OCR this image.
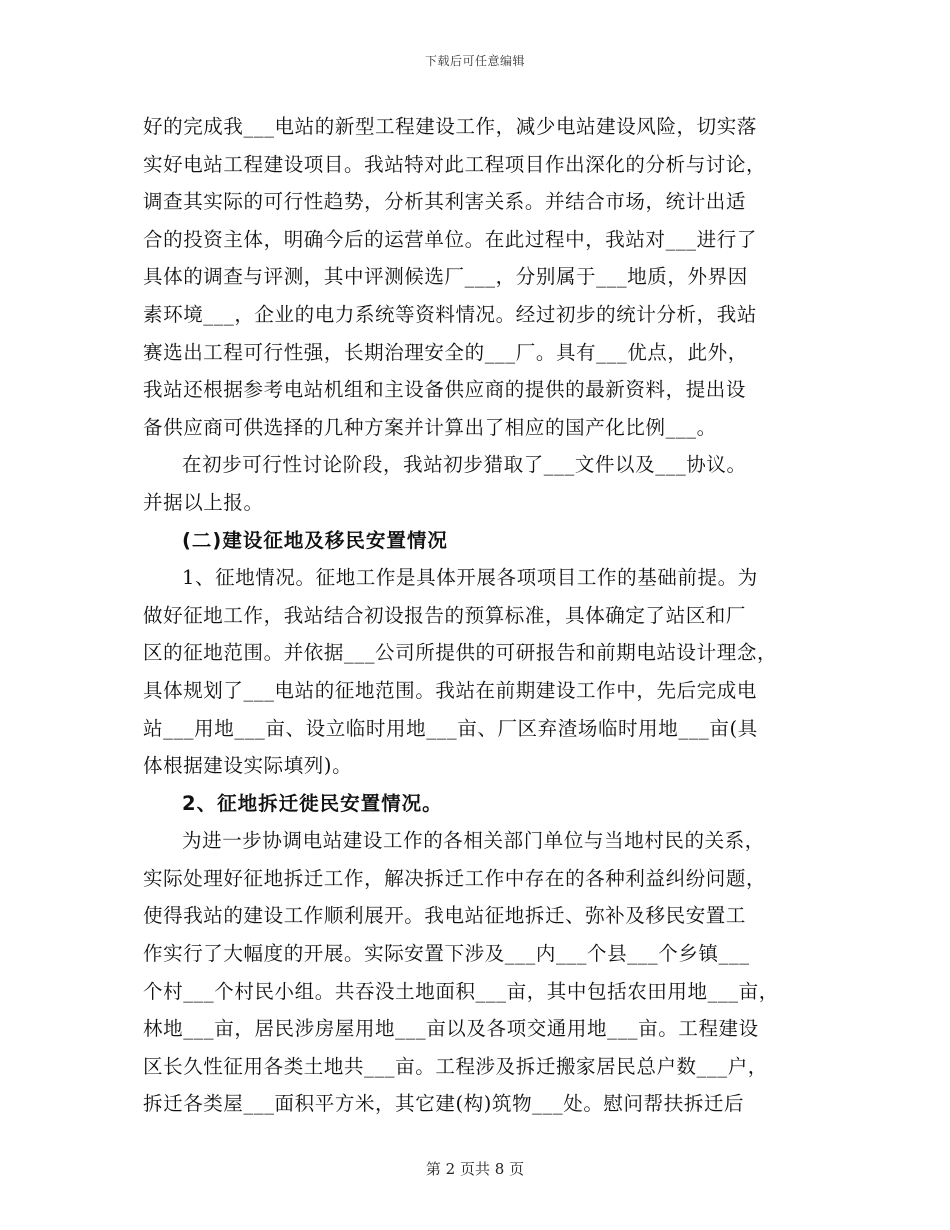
下载后可任意编辑
好的完成我___电站的新型工程建设工作，减少电站建设风险，切实落
实好电站工程建设项目。我站特对此工程项目作出深化的分析与讨论，
调查其实际的可行性趋势，分析其利害关系。并结合市场，统计出适
合的投资主体，明确今后的运营单位。在此过程中，我站对___进行了
具体的调查与评测，其中评测候选厂___，分别属于___地质，外界因
素环境___，企业的电力系统等资料情况。经过初步的统计分析，我站
赛选出工程可行性强，长期治理安全的___厂。具有___优点，此外，
我站还根据参考电站机组和主设备供应商的提供的最新资料，提出设
备供应商可供选择的几种方案并计算出了相应的国产化比例___。
在初步可行性讨论阶段，我站初步猎取了___文件以及___协议。
并据以上报。
(二)建设征地及移民安置情况
1、征地情况。征地工作是具体开展各项项目工作的基础前提。为
做好征地工作，我站结合初设报告的预算标准，具体确定了站区和厂
区的征地范围。并依据___公司所提供的可研报告和前期电站设计理念，
具体规划了___电站的征地范围。我站在前期建设工作中，先后完成电
站___用地___亩、设立临时用地___亩、厂区弃渣场临时用地___亩(具
体根据建设实际填列)。
2、征地拆迁徙民安置情况。
为进一步协调电站建设工作的各相关部门单位与当地村民的关系，
实际处理好征地拆迁工作，解决拆迁工作中存在的各种利益纠纷问题，
使得我站的建设工作顺利展开。我电站征地拆迁、弥补及移民安置工
作实行了大幅度的开展。实际安置下涉及___内___个县___个乡镇___
个村___个村民小组。共吞没土地面积___亩，其中包括农田用地___亩，
林地___亩，居民涉房屋用地___亩以及各项交通用地___亩。工程建设
区长久性征用各类土地共___亩。工程涉及拆迁搬家居民总户数___户，
拆迁各类屋___面积平方米，其它建(构)筑物___处。慰问帮扶拆迁后
第 2 页共 8 页
